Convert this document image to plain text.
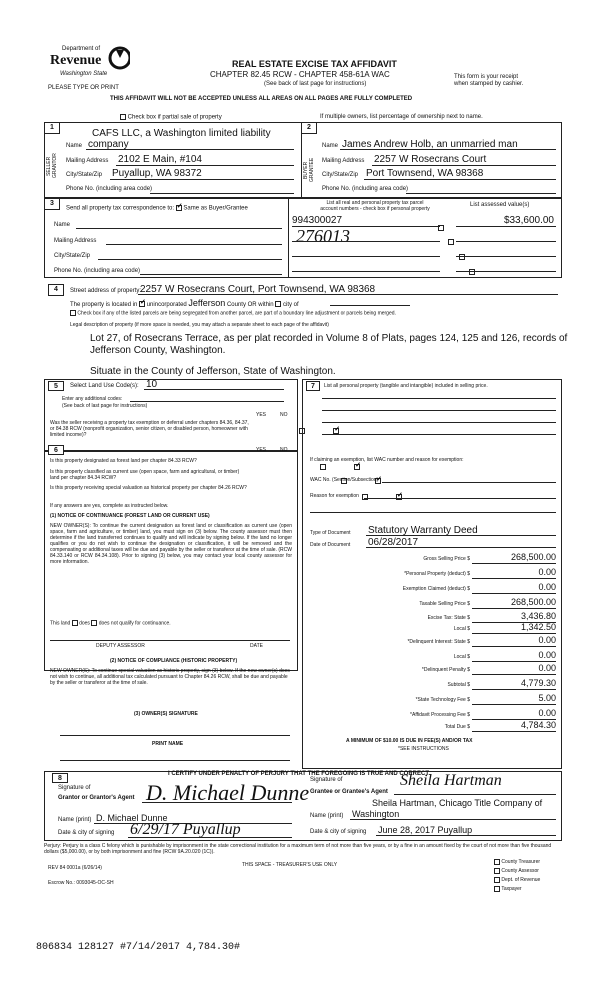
Department of
Revenue
Washington State
PLEASE TYPE OR PRINT
REAL ESTATE EXCISE TAX AFFIDAVIT
CHAPTER 82.45 RCW - CHAPTER 458-61A WAC	This form is your receipt
when stamped by cashier.
(See back of last page for instructions)
THIS AFFIDAVIT WILL NOT BE ACCEPTED UNLESS ALL AREAS ON ALL PAGES ARE FULLY COMPLETED
Check box if partial sale of property	If multiple owners, list percentage of ownership next to name.
1	2
SELLER GRANTOR	BUYER GRANTEE
CAFS LLC, a Washington limited liability
Name company
Mailing Address 2102 E Main, #104
City/State/Zip Puyallup, WA 98372
Phone No. (including area code)
Name James Andrew Holb, an unmarried man
Mailing Address 2257 W Rosecrans Court
City/State/Zip Port Townsend, WA 98368
Phone No. (including area code)
3
Send all property tax correspondence to: ✓ Same as Buyer/Grantee
List all real and personal property tax parcel
account numbers - check box if personal property
List assessed value(s)
Name
Mailing Address
City/State/Zip
Phone No. (including area code)
994300027
276013

$33,600.00
4	Street address of property:
2257 W Rosecrans Court, Port Townsend, WA 98368
The property is located in ✓ unincorporated Jefferson County OR within city of
Check box if any of the listed parcels are being segregated from another parcel, are part of a boundary line adjustment or parcels being merged.
Legal description of property (if more space is needed, you may attach a separate sheet to each page of the affidavit)
Lot 27, of Rosecrans Terrace, as per plat recorded in Volume 8 of Plats, pages 124, 125 and 126, records of
Jefferson County, Washington.
Situate in the County of Jefferson, State of Washington.
5	Select Land Use Code(s): 10
Enter any additional codes:
(See back of last page for instructions)
YES	NO
Was the seller receiving a property tax exemption or deferral under chapters 84.36, 84.37, or 84.38 RCW (nonprofit organization, senior citizen, or disabled person, homeowner with limited income)?
✓
6	YES	NO
Is this property designated as forest land per chapter 84.33 RCW?
✓
Is this property classified as current use (open space, farm and agricultural, or timber) land per chapter 84.34 RCW?
✓
Is this property receiving special valuation as historical property per chapter 84.26 RCW?
✓
If any answers are yes, complete as instructed below.
(1) NOTICE OF CONTINUANCE (FOREST LAND OR CURRENT USE)
NEW OWNER(S): To continue the current designation as forest land or classification as current use (open space, farm and agriculture, or timber) land, you must sign on (3) below. The county assessor must then determine if the land transferred continues to qualify and will indicate by signing below. If the land no longer qualifies or you do not wish to continue the designation or classification, it will be removed and the compensating or additional taxes will be due and payable by the seller or transferor at the time of sale. (RCW 84.33.140 or RCW 84.34.108). Prior to signing (3) below, you may contact your local county assessor for more information.
This land does does not qualify for continuance.
DEPUTY ASSESSOR	DATE
(2) NOTICE OF COMPLIANCE (HISTORIC PROPERTY)
NEW OWNER(S): To continue special valuation as historic property, sign (3) below. If the new owner(s) does not wish to continue, all additional tax calculated pursuant to Chapter 84.26 RCW, shall be due and payable by the seller or transferor at the time of sale.
(3) OWNER(S) SIGNATURE
PRINT NAME
7	List all personal property (tangible and intangible) included in selling price.
If claiming an exemption, list WAC number and reason for exemption:
WAC No. (Section/Subsection)
Reason for exemption
Type of Document Statutory Warranty Deed
Date of Document 06/28/2017
Gross Selling Price $	268,500.00
*Personal Property (deduct) $	0.00
Exemption Claimed (deduct) $	0.00
Taxable Selling Price $	268,500.00
Excise Tax: State $	3,436.80
Local $	1,342.50
*Delinquent Interest: State $	0.00
Local $	0.00
*Delinquent Penalty $	0.00
Subtotal $	4,779.30
*State Technology Fee $	5.00
*Affidavit Processing Fee $	0.00
Total Due $	4,784.30
A MINIMUM OF $10.00 IS DUE IN FEE(S) AND/OR TAX
*SEE INSTRUCTIONS
8
I CERTIFY UNDER PENALTY OF PERJURY THAT THE FOREGOING IS TRUE AND CORRECT.
Signature of
Grantor or Grantor's Agent D. Michael Dunne Signature of
Grantee or Grantee's Agent
Sheila Hartman
Sheila Hartman, Chicago Title Company of
Name (print) D. Michael Dunne	Name (print) Washington
Date & city of signing 6/29/17 Puyallup	Date & city of signing June 28, 2017 Puyallup
Perjury: Perjury is a class C felony which is punishable by imprisonment in the state correctional institution for a maximum term of not more than five years, or by a fine in an amount fixed by the court of not more than five thousand dollars ($5,000.00), or by both imprisonment and fine (RCW 9A.20.020 (1C)).
REV 84 0001a (6/26/14)
Escrow No.: 0093045-OC-SH
THIS SPACE - TREASURER'S USE ONLY	County Treasurer
County Assessor
Dept. of Revenue
Taxpayer
806834 128127 #7/14/2017 4,784.30#
